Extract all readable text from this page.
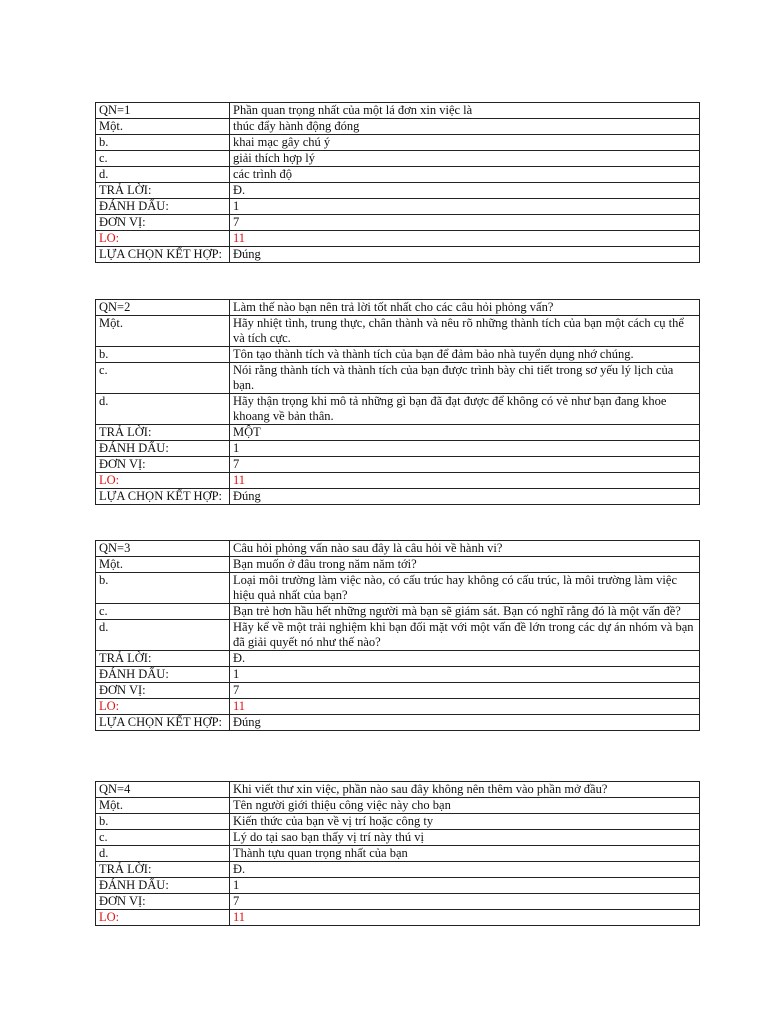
QN=1	Phần quan trọng nhất của một lá đơn xin việc là
Một.	thúc đẩy hành động đóng
b.	khai mạc gây chú ý
c.	giải thích hợp lý
d.	các trình độ
TRẢ LỜI:	Đ.
ĐÁNH DẤU:	1
ĐƠN VỊ:	7
LO:	11
LỰA CHỌN KẾT HỢP:	Đúng
QN=2	Làm thế nào bạn nên trả lời tốt nhất cho các câu hỏi phỏng vấn?
Một.	Hãy nhiệt tình, trung thực, chân thành và nêu rõ những thành tích của bạn một cách cụ thể và tích cực.
b.	Tôn tạo thành tích và thành tích của bạn để đảm bảo nhà tuyển dụng nhớ chúng.
c.	Nói rằng thành tích và thành tích của bạn được trình bày chi tiết trong sơ yếu lý lịch của bạn.
d.	Hãy thận trọng khi mô tả những gì bạn đã đạt được để không có vẻ như bạn đang khoe khoang về bản thân.
TRẢ LỜI:	MỘT
ĐÁNH DẤU:	1
ĐƠN VỊ:	7
LO:	11
LỰA CHỌN KẾT HỢP:	Đúng
QN=3	Câu hỏi phỏng vấn nào sau đây là câu hỏi về hành vi?
Một.	Bạn muốn ở đâu trong năm năm tới?
b.	Loại môi trường làm việc nào, có cấu trúc hay không có cấu trúc, là môi trường làm việc hiệu quả nhất của bạn?
c.	Bạn trẻ hơn hầu hết những người mà bạn sẽ giám sát. Bạn có nghĩ rằng đó là một vấn đề?
d.	Hãy kể về một trải nghiệm khi bạn đối mặt với một vấn đề lớn trong các dự án nhóm và bạn đã giải quyết nó như thế nào?
TRẢ LỜI:	Đ.
ĐÁNH DẤU:	1
ĐƠN VỊ:	7
LO:	11
LỰA CHỌN KẾT HỢP:	Đúng
QN=4	Khi viết thư xin việc, phần nào sau đây không nên thêm vào phần mở đầu?
Một.	Tên người giới thiệu công việc này cho bạn
b.	Kiến thức của bạn về vị trí hoặc công ty
c.	Lý do tại sao bạn thấy vị trí này thú vị
d.	Thành tựu quan trọng nhất của bạn
TRẢ LỜI:	Đ.
ĐÁNH DẤU:	1
ĐƠN VỊ:	7
LO:	11
